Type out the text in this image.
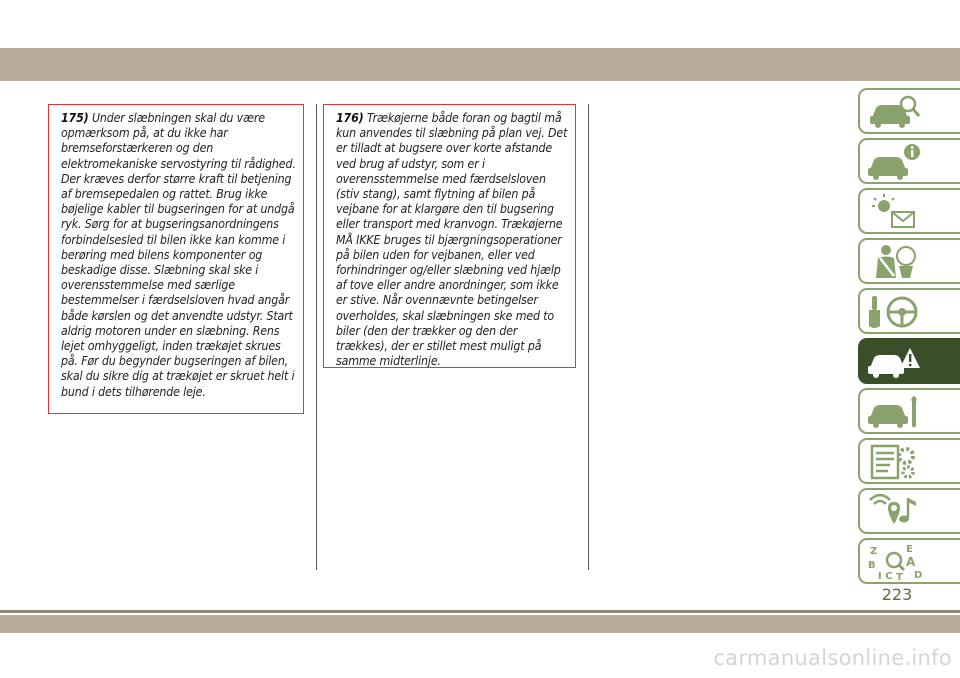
175) Under slæbningen skal du være opmærksom på, at du ikke har bremseforstærkeren og den elektromekaniske servostyring til rådighed. Der kræves derfor større kraft til betjening af bremsepedalen og rattet. Brug ikke bøjelige kabler til bugseringen for at undgå ryk. Sørg for at bugseringsanordningens forbindelsesled til bilen ikke kan komme i berøring med bilens komponenter og beskadige disse. Slæbning skal ske i overensstemmelse med særlige bestemmelser i færdselsloven hvad angår både kørslen og det anvendte udstyr. Start aldrig motoren under en slæbning. Rens lejet omhyggeligt, inden trækøjet skrues på. Før du begynder bugseringen af bilen, skal du sikre dig at trækøjet er skruet helt i bund i dets tilhørende leje.
176) Trækøjerne både foran og bagtil må kun anvendes til slæbning på plan vej. Det er tilladt at bugsere over korte afstande ved brug af udstyr, som er i overensstemmelse med færdselsloven (stiv stang), samt flytning af bilen på vejbane for at klargøre den til bugsering eller transport med kranvogn. Trækøjerne MÅ IKKE bruges til bjærgningsoperationer på bilen uden for vejbanen, eller ved forhindringer og/eller slæbning ved hjælp af tove eller andre anordninger, som ikke er stive. Når ovennævnte betingelser overholdes, skal slæbningen ske med to biler (den der trækker og den der trækkes), der er stillet mest muligt på samme midterlinje.
Z
B
I C
E
A
D
T
223
carmanualsonline.info
